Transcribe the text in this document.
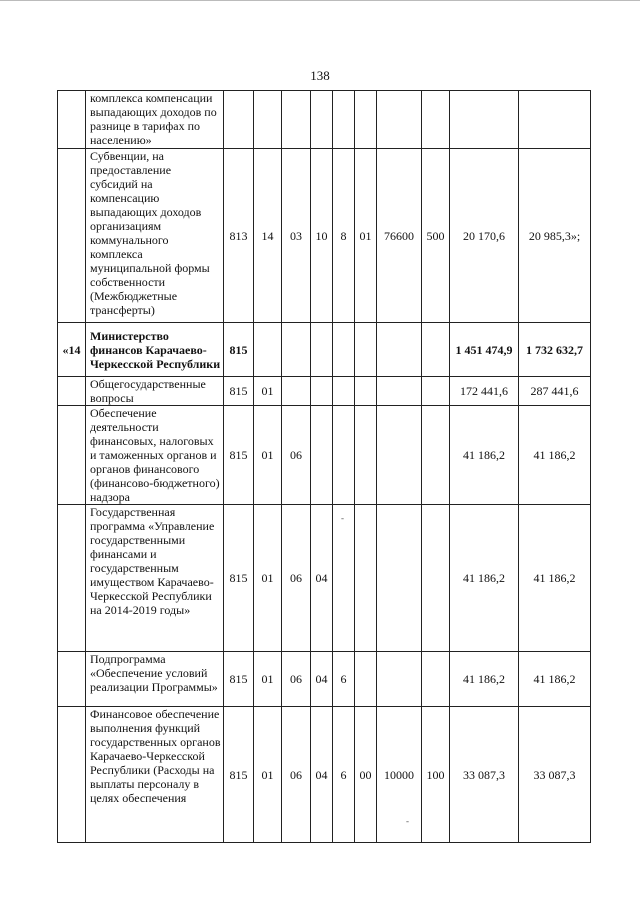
138
	комплекса компенсации выпадающих доходов по разнице в тарифах по населению»										
	Субвенции, на предоставление субсидий на компенсацию выпадающих доходов организациям коммунального комплекса муниципальной формы собственности (Межбюджетные трансферты)	813	14	03	10	8	01	76600	500	20 170,6	20 985,3»;
«14	Министерство финансов Карачаево-Черкесской Республики	815								1 451 474,9	1 732 632,7
	Общегосударственные вопросы	815	01							172 441,6	287 441,6
	Обеспечение деятельности финансовых, налоговых и таможенных органов и органов финансового (финансово-бюджетного) надзора	815	01	06						41 186,2	41 186,2
	Государственная программа «Управление государственными финансами и государственным имуществом Карачаево-Черкесской Республики на 2014-2019 годы»	815	01	06	04					41 186,2	41 186,2
	Подпрограмма «Обеспечение условий реализации Программы»	815	01	06	04	6				41 186,2	41 186,2
	Финансовое обеспечение выполнения функций государственных органов Карачаево-Черкесской Республики (Расходы на выплаты персоналу в целях обеспечения	815	01	06	04	6	00	10000	100	33 087,3	33 087,3
‐
‐
